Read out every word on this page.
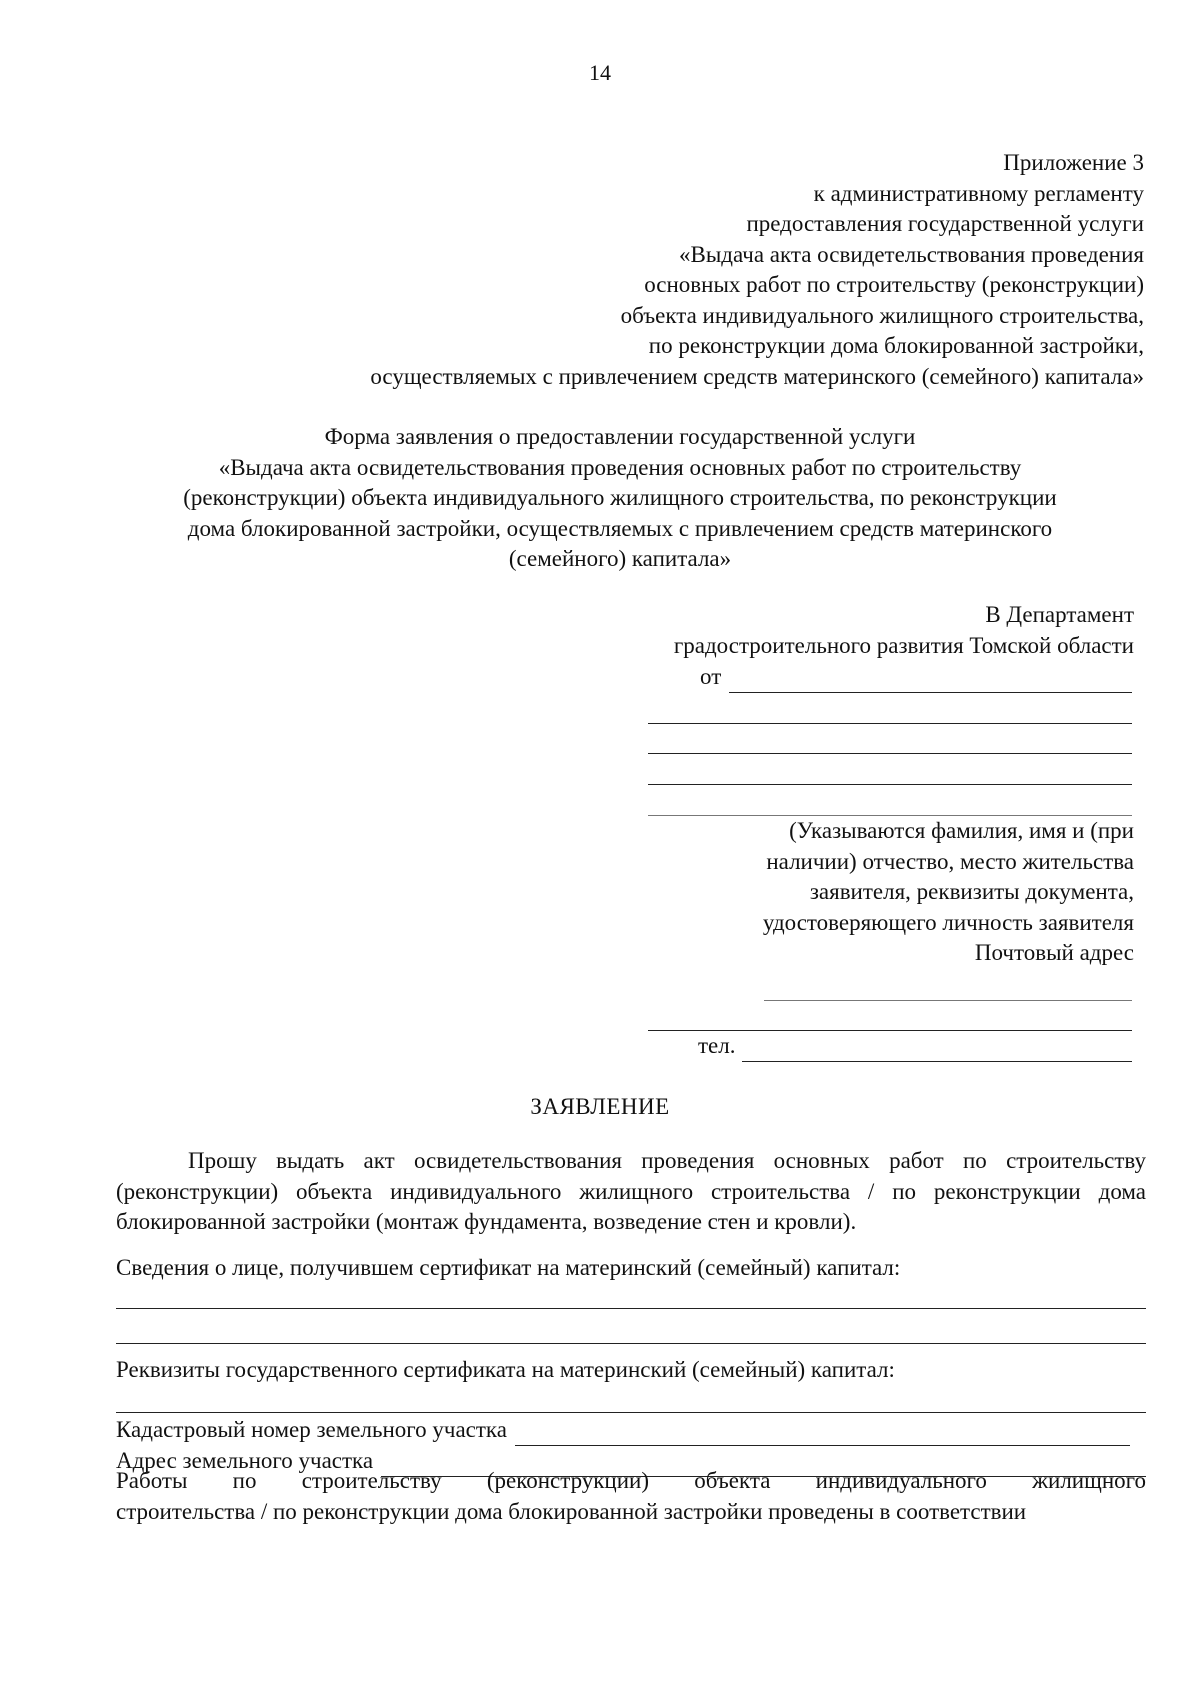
14
Приложение 3
к административному регламенту
предоставления государственной услуги
«Выдача акта освидетельствования проведения
основных работ по строительству (реконструкции)
объекта индивидуального жилищного строительства,
по реконструкции дома блокированной застройки,
осуществляемых с привлечением средств материнского (семейного) капитала»
Форма заявления о предоставлении государственной услуги
«Выдача акта освидетельствования проведения основных работ по строительству
(реконструкции) объекта индивидуального жилищного строительства, по реконструкции
дома блокированной застройки, осуществляемых с привлечением средств материнского
(семейного) капитала»
В Департамент
градостроительного развития Томской области
от
(Указываются фамилия, имя и (при
наличии) отчество, место жительства
заявителя, реквизиты документа,
удостоверяющего личность заявителя
Почтовый адрес
тел.
ЗАЯВЛЕНИЕ
Прошу выдать акт освидетельствования проведения основных работ по строительству (реконструкции) объекта индивидуального жилищного строительства / по реконструкции дома блокированной застройки (монтаж фундамента, возведение стен и кровли).
Сведения о лице, получившем сертификат на материнский (семейный) капитал:
Реквизиты государственного сертификата на материнский (семейный) капитал:
Кадастровый номер земельного участка
Адрес земельного участка
Работы по строительству (реконструкции) объекта индивидуального жилищного
строительства / по реконструкции дома блокированной застройки проведены в соответствии
